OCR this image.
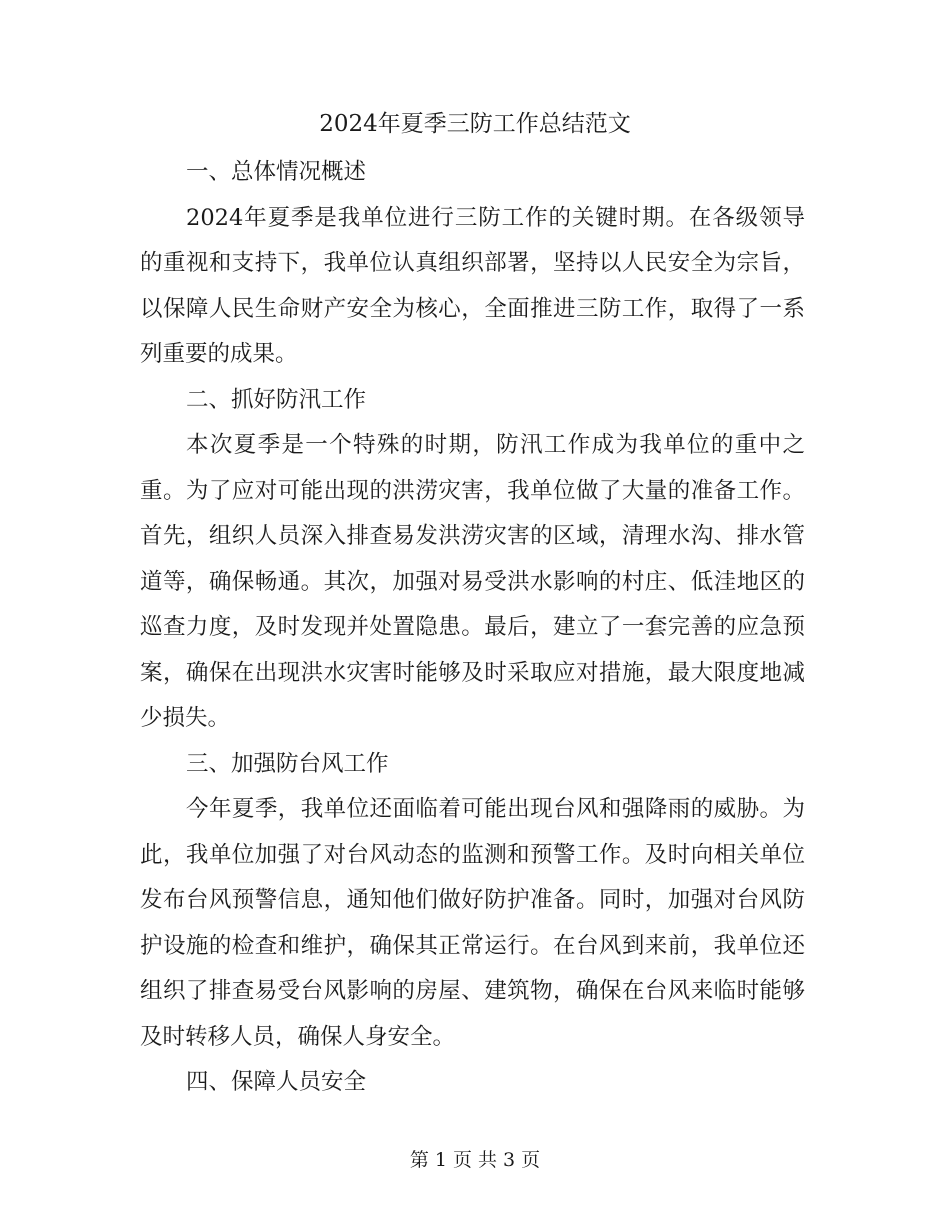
2024年夏季三防工作总结范文

一、总体情况概述

2024年夏季是我单位进行三防工作的关键时期。在各级领导的重视和支持下，我单位认真组织部署，坚持以人民安全为宗旨，以保障人民生命财产安全为核心，全面推进三防工作，取得了一系列重要的成果。

二、抓好防汛工作

本次夏季是一个特殊的时期，防汛工作成为我单位的重中之重。为了应对可能出现的洪涝灾害，我单位做了大量的准备工作。首先，组织人员深入排查易发洪涝灾害的区域，清理水沟、排水管道等，确保畅通。其次，加强对易受洪水影响的村庄、低洼地区的巡查力度，及时发现并处置隐患。最后，建立了一套完善的应急预案，确保在出现洪水灾害时能够及时采取应对措施，最大限度地减少损失。

三、加强防台风工作

今年夏季，我单位还面临着可能出现台风和强降雨的威胁。为此，我单位加强了对台风动态的监测和预警工作。及时向相关单位发布台风预警信息，通知他们做好防护准备。同时，加强对台风防护设施的检查和维护，确保其正常运行。在台风到来前，我单位还组织了排查易受台风影响的房屋、建筑物，确保在台风来临时能够及时转移人员，确保人身安全。

四、保障人员安全

第 1 页 共 3 页
